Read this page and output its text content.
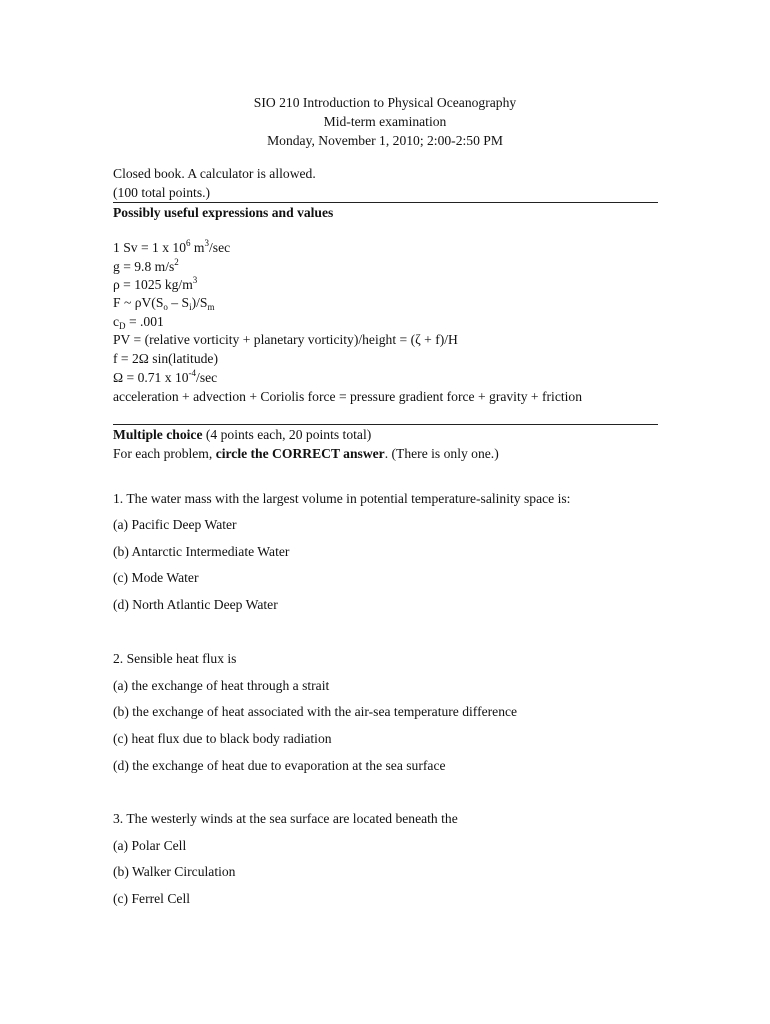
SIO 210 Introduction to Physical Oceanography
Mid-term examination
Monday, November 1, 2010; 2:00-2:50 PM
Closed book. A calculator is allowed.
(100 total points.)
Possibly useful expressions and values
1 Sv = 1 x $10^6$ $m^3/\sec$
g = 9.8 $m/s^2$
ρ = 1025 $kg/m^3$
F ~ $\rho V(S_o - S_i)/S_m$
$c_D = .001$
PV = (relative vorticity + planetary vorticity)/height = (ζ + f)/H
f = 2Ω sin(latitude)
Ω = 0.71 x $10^{-4}/\sec$
acceleration + advection + Coriolis force = pressure gradient force + gravity + friction
Multiple choice (4 points each, 20 points total)
For each problem, circle the CORRECT answer. (There is only one.)
1. The water mass with the largest volume in potential temperature-salinity space is:
(a) Pacific Deep Water
(b) Antarctic Intermediate Water
(c) Mode Water
(d) North Atlantic Deep Water
2. Sensible heat flux is
(a) the exchange of heat through a strait
(b) the exchange of heat associated with the air-sea temperature difference
(c) heat flux due to black body radiation
(d) the exchange of heat due to evaporation at the sea surface
3. The westerly winds at the sea surface are located beneath the
(a) Polar Cell
(b) Walker Circulation
(c) Ferrel Cell
